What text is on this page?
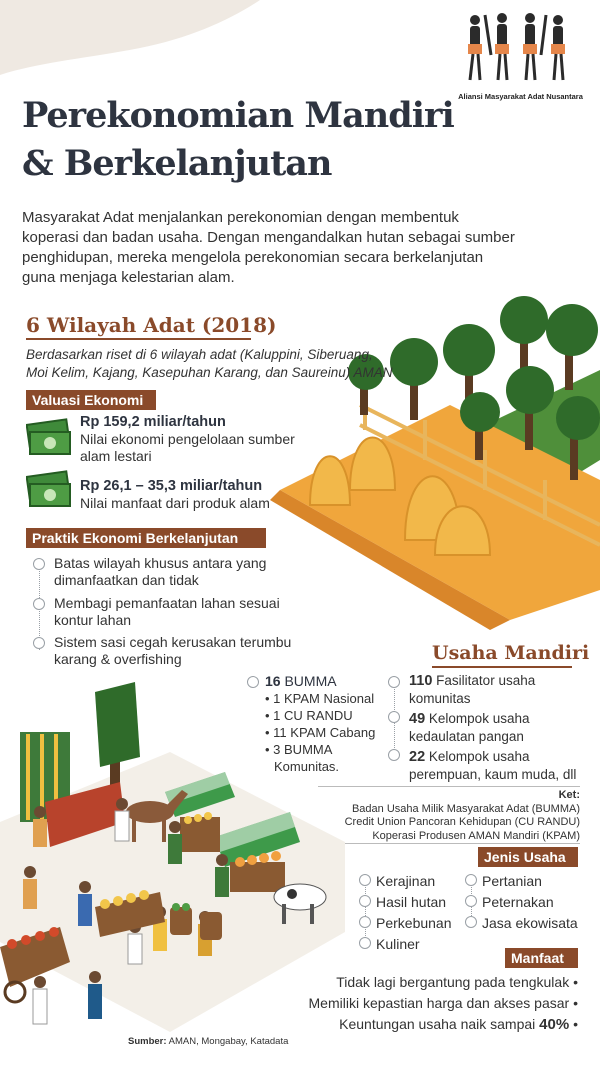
Aliansi Masyarakat Adat Nusantara
Perekonomian Mandiri
& Berkelanjutan
Masyarakat Adat menjalankan perekonomian dengan membentuk
koperasi dan badan usaha. Dengan mengandalkan hutan sebagai sumber
penghidupan, mereka mengelola perekonomian secara berkelanjutan
guna menjaga kelestarian alam.
6 Wilayah Adat (2018)
Berdasarkan riset di 6 wilayah adat (Kaluppini, Siberuang,
Moi Kelim, Kajang, Kasepuhan Karang, dan Saureinu) AMAN
Valuasi Ekonomi
Rp 159,2 miliar/tahun
Nilai ekonomi pengelolaan sumber
alam lestari
Rp 26,1 – 35,3 miliar/tahun
Nilai manfaat dari produk alam
Praktik Ekonomi Berkelanjutan
Batas wilayah khusus antara yang
dimanfaatkan dan tidak
Membagi pemanfaatan lahan sesuai
kontur lahan
Sistem sasi cegah kerusakan terumbu
karang & overfishing	Usaha Mandiri
16 BUMMA
• 1 KPAM Nasional
• 1 CU RANDU
• 11 KPAM Cabang
• 3 BUMMA
Komunitas.
110 Fasilitator usaha
komunitas
49 Kelompok usaha
kedaulatan pangan
22 Kelompok usaha
perempuan, kaum muda, dll
Ket:
Badan Usaha Milik Masyarakat Adat (BUMMA)
Credit Union Pancoran Kehidupan (CU RANDU)
Koperasi Produsen AMAN Mandiri (KPAM)
Jenis Usaha
Kerajinan
Hasil hutan
Perkebunan
Kuliner
Pertanian
Peternakan
Jasa ekowisata
Manfaat
Tidak lagi bergantung pada tengkulak •
Memiliki kepastian harga dan akses pasar •
Keuntungan usaha naik sampai 40% •
Sumber: AMAN, Mongabay, Katadata
